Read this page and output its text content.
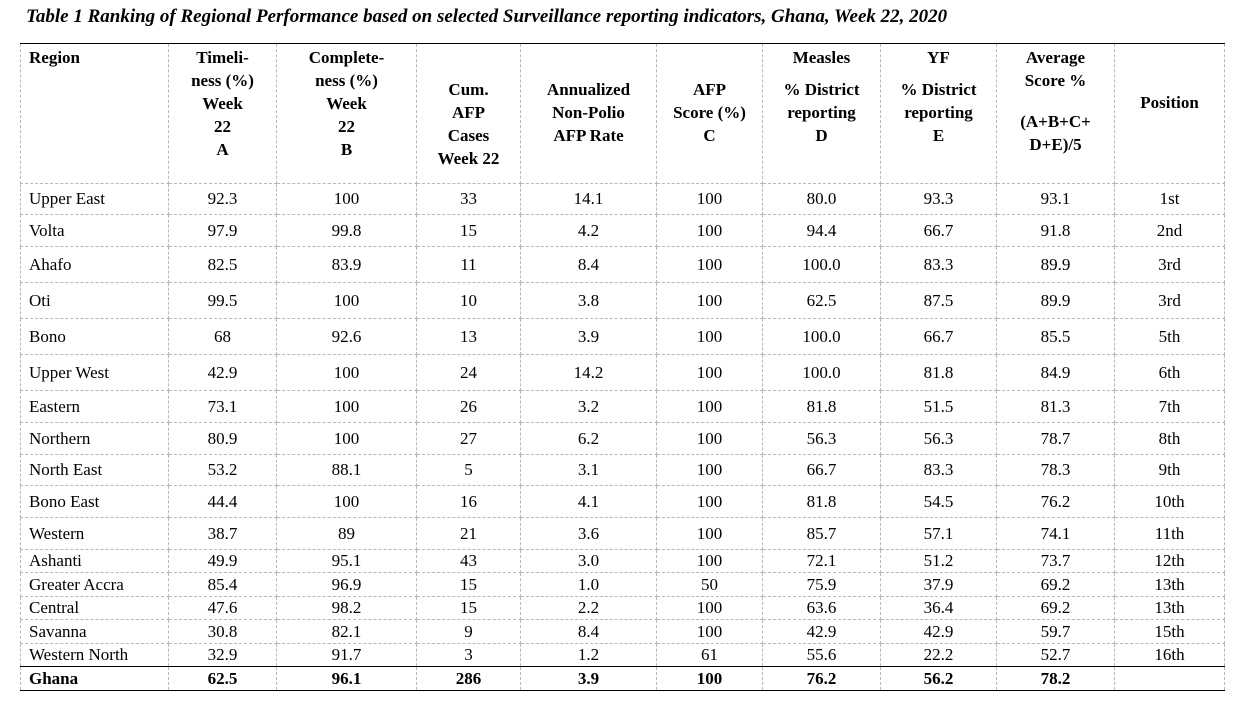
Table 1 Ranking of Regional Performance based on selected Surveillance reporting indicators, Ghana, Week 22, 2020
Region	Timeli-
ness (%)
Week
22
A	Complete-
ness (%)
Week
22
B	Cum.
AFP
Cases
Week 22	Annualized
Non-Polio
AFP Rate	AFP
Score (%)
C	Measles
% District
reporting
D	YF
% District
reporting
E	Average
Score %
(A+B+C+
D+E)/5	Position
Upper East	92.3	100	33	14.1	100	80.0	93.3	93.1	1st
Volta	97.9	99.8	15	4.2	100	94.4	66.7	91.8	2nd
Ahafo	82.5	83.9	11	8.4	100	100.0	83.3	89.9	3rd
Oti	99.5	100	10	3.8	100	62.5	87.5	89.9	3rd
Bono	68	92.6	13	3.9	100	100.0	66.7	85.5	5th
Upper West	42.9	100	24	14.2	100	100.0	81.8	84.9	6th
Eastern	73.1	100	26	3.2	100	81.8	51.5	81.3	7th
Northern	80.9	100	27	6.2	100	56.3	56.3	78.7	8th
North East	53.2	88.1	5	3.1	100	66.7	83.3	78.3	9th
Bono East	44.4	100	16	4.1	100	81.8	54.5	76.2	10th
Western	38.7	89	21	3.6	100	85.7	57.1	74.1	11th
Ashanti	49.9	95.1	43	3.0	100	72.1	51.2	73.7	12th
Greater Accra	85.4	96.9	15	1.0	50	75.9	37.9	69.2	13th
Central	47.6	98.2	15	2.2	100	63.6	36.4	69.2	13th
Savanna	30.8	82.1	9	8.4	100	42.9	42.9	59.7	15th
Western North	32.9	91.7	3	1.2	61	55.6	22.2	52.7	16th
Ghana	62.5	96.1	286	3.9	100	76.2	56.2	78.2	
